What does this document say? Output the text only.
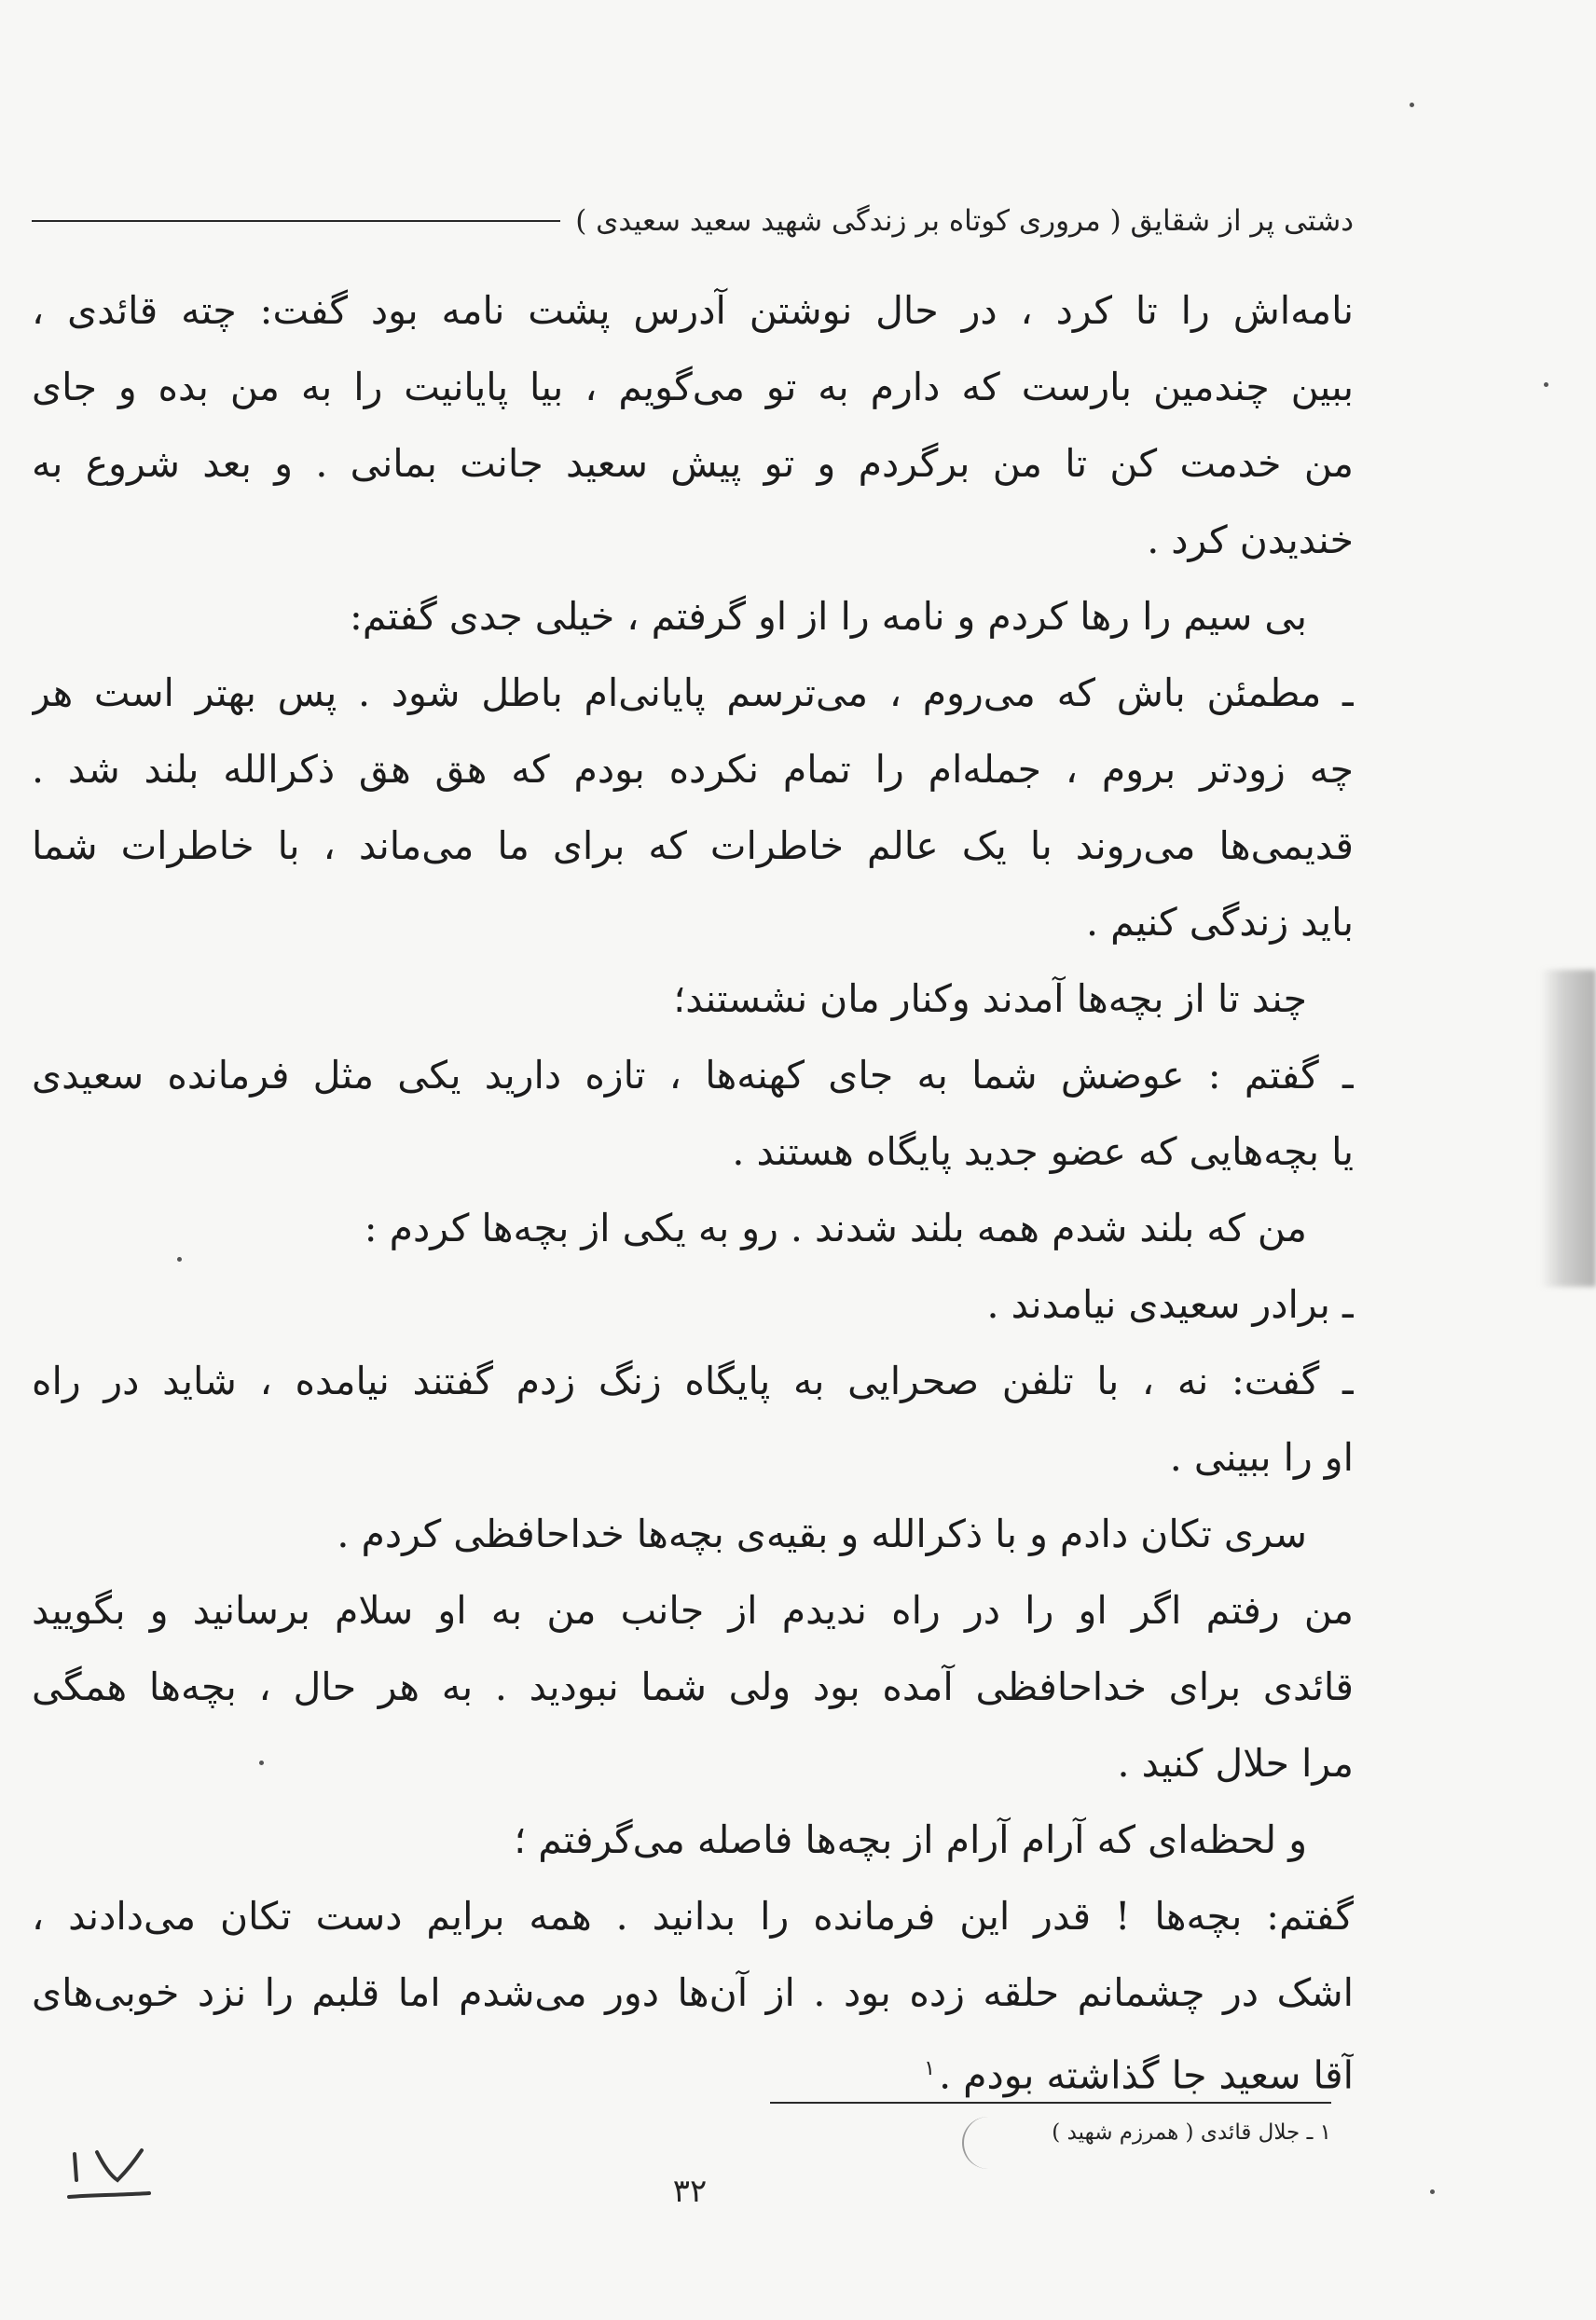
دشتی پر از شقایق ( مروری کوتاه بر زندگی شهید سعید سعیدی )
نامه‌اش را تا کرد ، در حال نوشتن آدرس پشت نامه بود گفت: چته قائدی ،
ببین چندمین بارست که دارم به تو می‌گویم ، بیا پایانیت را به من بده و جای
من خدمت کن تا من برگردم و تو پیش سعید جانت بمانی . و بعد شروع به
خندیدن کرد .
بی سیم را رها کردم و نامه را از او گرفتم ، خیلی جدی گفتم:
ـ مطمئن باش که می‌روم ، می‌ترسم پایانی‌ام باطل شود . پس بهتر است هر
چه زودتر بروم ، جمله‌ام را تمام نکرده بودم که هق هق ذکرالله بلند شد .
قدیمی‌ها می‌روند با یک عالم خاطرات که برای ما می‌ماند ، با خاطرات شما
باید زندگی کنیم .
چند تا از بچه‌ها آمدند وکنار مان نشستند؛
ـ گفتم : عوضش شما به جای کهنه‌ها ، تازه دارید یکی مثل فرمانده سعیدی
یا بچه‌هایی که عضو جدید پایگاه هستند .
من که بلند شدم همه بلند شدند . رو به یکی از بچه‌ها کردم :
ـ برادر سعیدی نیامدند .
ـ گفت: نه ، با تلفن صحرایی به پایگاه زنگ زدم گفتند نیامده ، شاید در راه
او را ببینی .
سری تکان دادم و با ذکرالله و بقیه‌ی بچه‌ها خداحافظی کردم .
من رفتم اگر او را در راه ندیدم از جانب من به او سلام برسانید و بگویید
قائدی برای خداحافظی آمده بود ولی شما نبودید . به هر حال ، بچه‌ها همگی
مرا حلال کنید .
و لحظه‌ای که آرام آرام از بچه‌ها فاصله می‌گرفتم ؛
گفتم: بچه‌ها ! قدر این فرمانده را بدانید . همه برایم دست تکان می‌دادند ،
اشک در چشمانم حلقه زده بود . از آن‌ها دور می‌شدم اما قلبم را نزد خوبی‌های
آقا سعید جا گذاشته بودم .$^۱$
۱ ـ جلال قائدی ( همرزم شهید )
۳۲
